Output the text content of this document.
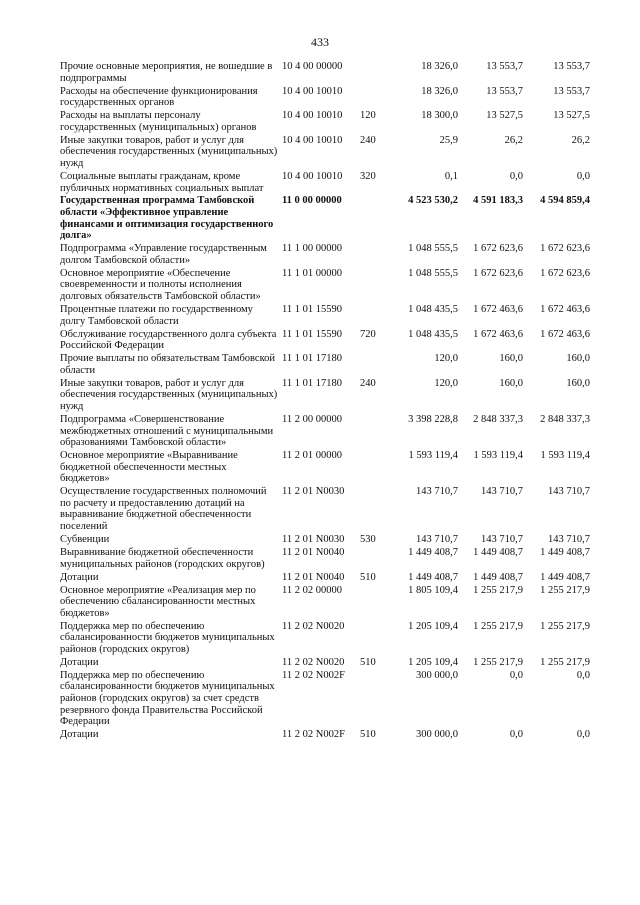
433
Прочие основные мероприятия, не вошедшие в подпрограммы	10 4 00 00000		18 326,0	13 553,7	13 553,7
Расходы на обеспечение функционирования государственных органов	10 4 00 10010		18 326,0	13 553,7	13 553,7
Расходы на выплаты персоналу государственных (муниципальных) органов	10 4 00 10010	120	18 300,0	13 527,5	13 527,5
Иные закупки товаров, работ и услуг для обеспечения государственных (муниципальных) нужд	10 4 00 10010	240	25,9	26,2	26,2
Социальные выплаты гражданам, кроме публичных нормативных социальных выплат	10 4 00 10010	320	0,1	0,0	0,0
Государственная программа Тамбовской области «Эффективное управление финансами и оптимизация государственного долга»	11 0 00 00000		4 523 530,2	4 591 183,3	4 594 859,4
Подпрограмма «Управление государственным долгом Тамбовской области»	11 1 00 00000		1 048 555,5	1 672 623,6	1 672 623,6
Основное мероприятие «Обеспечение своевременности и полноты исполнения долговых обязательств Тамбовской области»	11 1 01 00000		1 048 555,5	1 672 623,6	1 672 623,6
Процентные платежи по государственному долгу Тамбовской области	11 1 01 15590		1 048 435,5	1 672 463,6	1 672 463,6
Обслуживание государственного долга субъекта Российской Федерации	11 1 01 15590	720	1 048 435,5	1 672 463,6	1 672 463,6
Прочие выплаты по обязательствам Тамбовской области	11 1 01 17180		120,0	160,0	160,0
Иные закупки товаров, работ и услуг для обеспечения государственных (муниципальных) нужд	11 1 01 17180	240	120,0	160,0	160,0
Подпрограмма «Совершенствование межбюджетных отношений с муниципальными образованиями Тамбовской области»	11 2 00 00000		3 398 228,8	2 848 337,3	2 848 337,3
Основное мероприятие «Выравнивание бюджетной обеспеченности местных бюджетов»	11 2 01 00000		1 593 119,4	1 593 119,4	1 593 119,4
Осуществление государственных полномочий по расчету и предоставлению дотаций на выравнивание бюджетной обеспеченности поселений	11 2 01 N0030		143 710,7	143 710,7	143 710,7
Субвенции	11 2 01 N0030	530	143 710,7	143 710,7	143 710,7
Выравнивание бюджетной обеспеченности муниципальных районов (городских округов)	11 2 01 N0040		1 449 408,7	1 449 408,7	1 449 408,7
Дотации	11 2 01 N0040	510	1 449 408,7	1 449 408,7	1 449 408,7
Основное мероприятие «Реализация мер по обеспечению сбалансированности местных бюджетов»	11 2 02 00000		1 805 109,4	1 255 217,9	1 255 217,9
Поддержка мер по обеспечению сбалансированности бюджетов муниципальных районов (городских округов)	11 2 02 N0020		1 205 109,4	1 255 217,9	1 255 217,9
Дотации	11 2 02 N0020	510	1 205 109,4	1 255 217,9	1 255 217,9
Поддержка мер по обеспечению сбалансированности бюджетов муниципальных районов (городских округов) за счет средств резервного фонда Правительства Российской Федерации	11 2 02 N002F		300 000,0	0,0	0,0
Дотации	11 2 02 N002F	510	300 000,0	0,0	0,0
